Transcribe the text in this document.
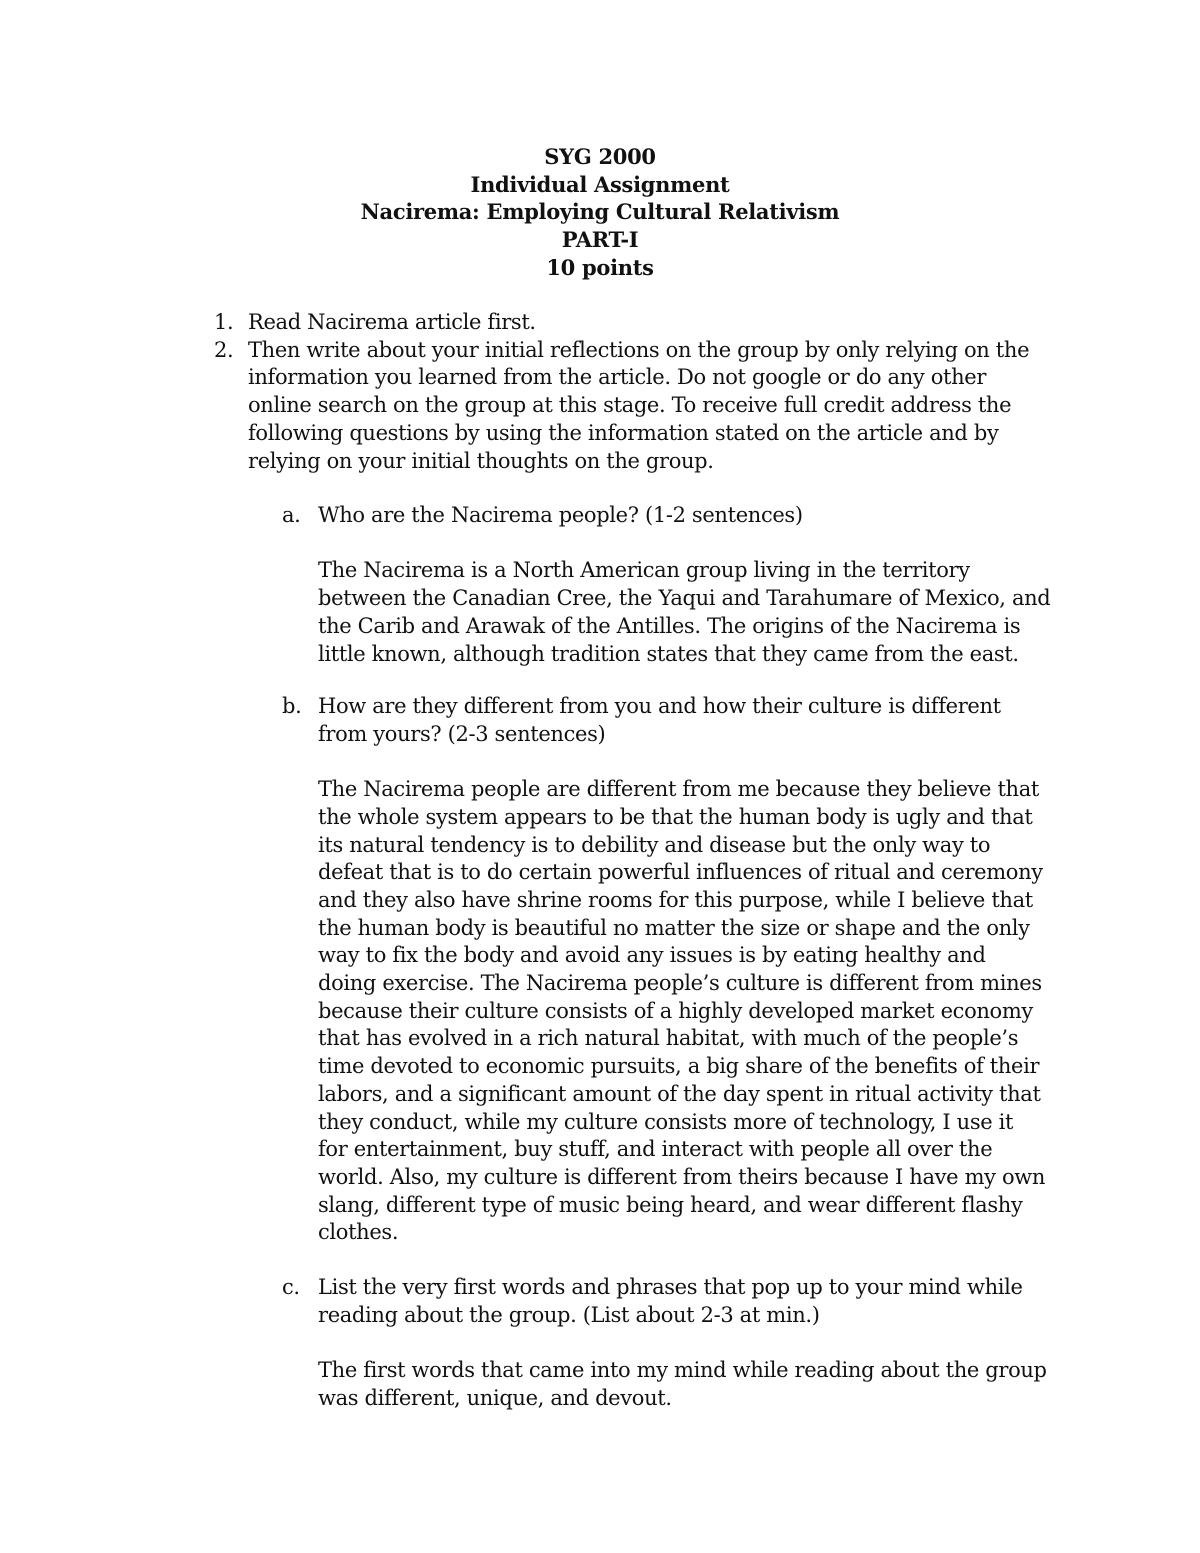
SYG 2000
Individual Assignment
Nacirema: Employing Cultural Relativism
PART-I
10 points
1. Read Nacirema article first.
2. Then write about your initial reflections on the group by only relying on the
information you learned from the article. Do not google or do any other
online search on the group at this stage. To receive full credit address the
following questions by using the information stated on the article and by
relying on your initial thoughts on the group.
a. Who are the Nacirema people? (1-2 sentences)
The Nacirema is a North American group living in the territory
between the Canadian Cree, the Yaqui and Tarahumare of Mexico, and
the Carib and Arawak of the Antilles. The origins of the Nacirema is
little known, although tradition states that they came from the east.
b. How are they different from you and how their culture is different
from yours? (2-3 sentences)
The Nacirema people are different from me because they believe that
the whole system appears to be that the human body is ugly and that
its natural tendency is to debility and disease but the only way to
defeat that is to do certain powerful influences of ritual and ceremony
and they also have shrine rooms for this purpose, while I believe that
the human body is beautiful no matter the size or shape and the only
way to fix the body and avoid any issues is by eating healthy and
doing exercise. The Nacirema people’s culture is different from mines
because their culture consists of a highly developed market economy
that has evolved in a rich natural habitat, with much of the people’s
time devoted to economic pursuits, a big share of the benefits of their
labors, and a significant amount of the day spent in ritual activity that
they conduct, while my culture consists more of technology, I use it
for entertainment, buy stuff, and interact with people all over the
world. Also, my culture is different from theirs because I have my own
slang, different type of music being heard, and wear different flashy
clothes.
c. List the very first words and phrases that pop up to your mind while
reading about the group. (List about 2-3 at min.)
The first words that came into my mind while reading about the group
was different, unique, and devout.
